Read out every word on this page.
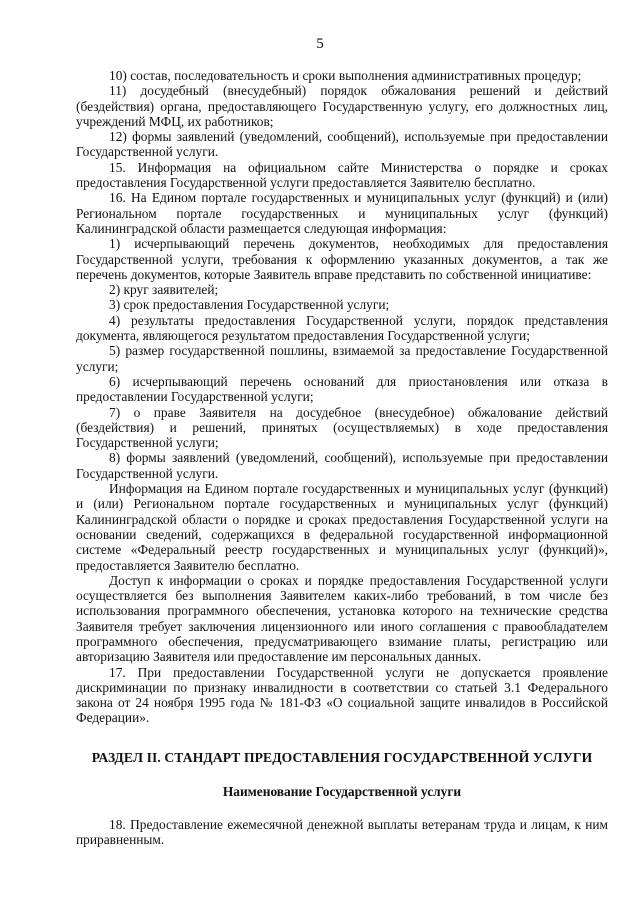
5

10) состав, последовательность и сроки выполнения административных процедур;

11) досудебный (внесудебный) порядок обжалования решений и действий (бездействия) органа, предоставляющего Государственную услугу, его должностных лиц, учреждений МФЦ, их работников;

12) формы заявлений (уведомлений, сообщений), используемые при предоставлении Государственной услуги.

15. Информация на официальном сайте Министерства о порядке и сроках предоставления Государственной услуги предоставляется Заявителю бесплатно.

16. На Едином портале государственных и муниципальных услуг (функций) и (или) Региональном портале государственных и муниципальных услуг (функций) Калининградской области размещается следующая информация:

1) исчерпывающий перечень документов, необходимых для предоставления Государственной услуги, требования к оформлению указанных документов, а так же перечень документов, которые Заявитель вправе представить по собственной инициативе:

2) круг заявителей;

3) срок предоставления Государственной услуги;

4) результаты предоставления Государственной услуги, порядок представления документа, являющегося результатом предоставления Государственной услуги;

5) размер государственной пошлины, взимаемой за предоставление Государственной услуги;

6) исчерпывающий перечень оснований для приостановления или отказа в предоставлении Государственной услуги;

7) о праве Заявителя на досудебное (внесудебное) обжалование действий (бездействия) и решений, принятых (осуществляемых) в ходе предоставления Государственной услуги;

8) формы заявлений (уведомлений, сообщений), используемые при предоставлении Государственной услуги.

Информация на Едином портале государственных и муниципальных услуг (функций) и (или) Региональном портале государственных и муниципальных услуг (функций) Калининградской области о порядке и сроках предоставления Государственной услуги на основании сведений, содержащихся в федеральной государственной информационной системе «Федеральный реестр государственных и муниципальных услуг (функций)», предоставляется Заявителю бесплатно.

Доступ к информации о сроках и порядке предоставления Государственной услуги осуществляется без выполнения Заявителем каких-либо требований, в том числе без использования программного обеспечения, установка которого на технические средства Заявителя требует заключения лицензионного или иного соглашения с правообладателем программного обеспечения, предусматривающего взимание платы, регистрацию или авторизацию Заявителя или предоставление им персональных данных.

17. При предоставлении Государственной услуги не допускается проявление дискриминации по признаку инвалидности в соответствии со статьей 3.1 Федерального закона от 24 ноября 1995 года № 181-ФЗ «О социальной защите инвалидов в Российской Федерации».

РАЗДЕЛ II. СТАНДАРТ ПРЕДОСТАВЛЕНИЯ ГОСУДАРСТВЕННОЙ УСЛУГИ
Наименование Государственной услуги

18. Предоставление ежемесячной денежной выплаты ветеранам труда и лицам, к ним приравненным.
